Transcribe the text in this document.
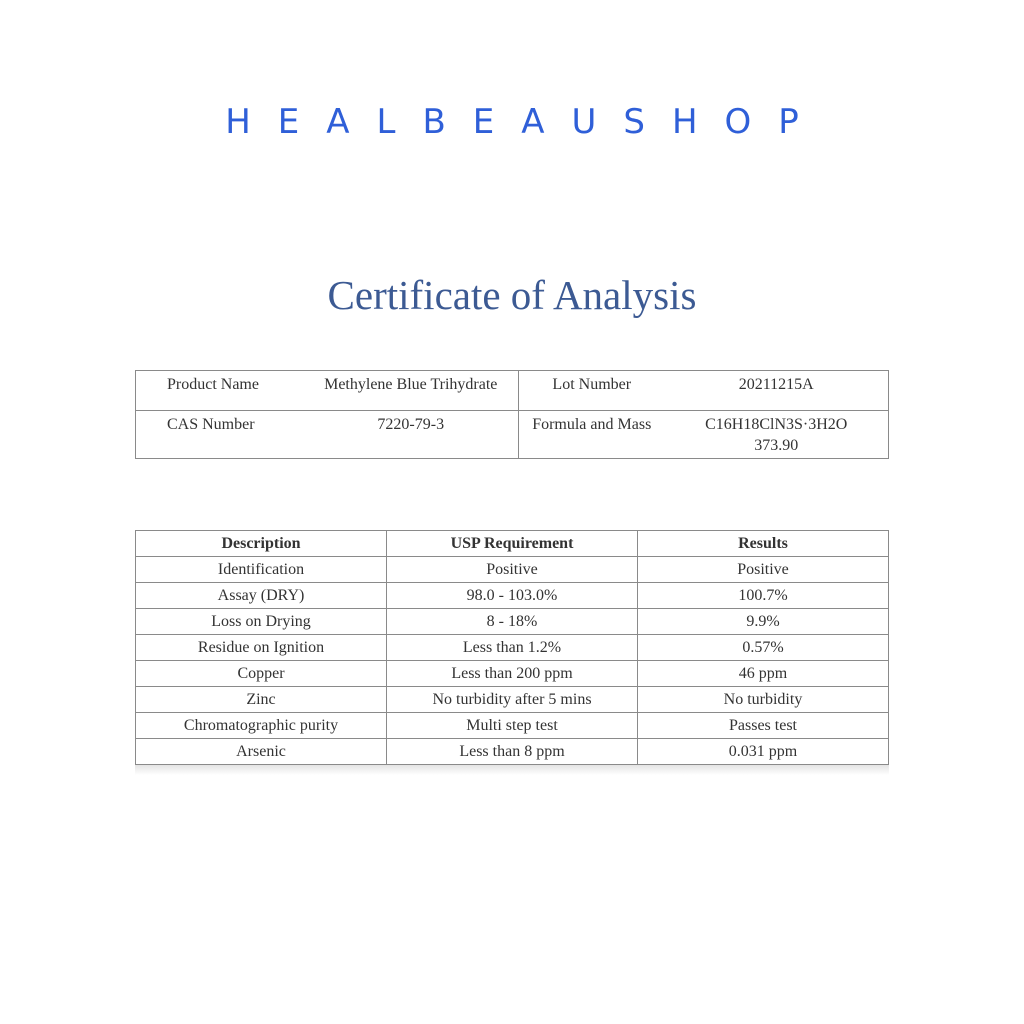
HEALBEAUSHOP
Certificate of Analysis
Product Name	Methylene Blue Trihydrate	Lot Number	20211215A
CAS Number	7220-79-3	Formula and Mass	C16H18ClN3S·3H2O
373.90
Description	USP Requirement	Results
Identification	Positive	Positive
Assay (DRY)	98.0 - 103.0%	100.7%
Loss on Drying	8 - 18%	9.9%
Residue on Ignition	Less than 1.2%	0.57%
Copper	Less than 200 ppm	46 ppm
Zinc	No turbidity after 5 mins	No turbidity
Chromatographic purity	Multi step test	Passes test
Arsenic	Less than 8 ppm	0.031 ppm
